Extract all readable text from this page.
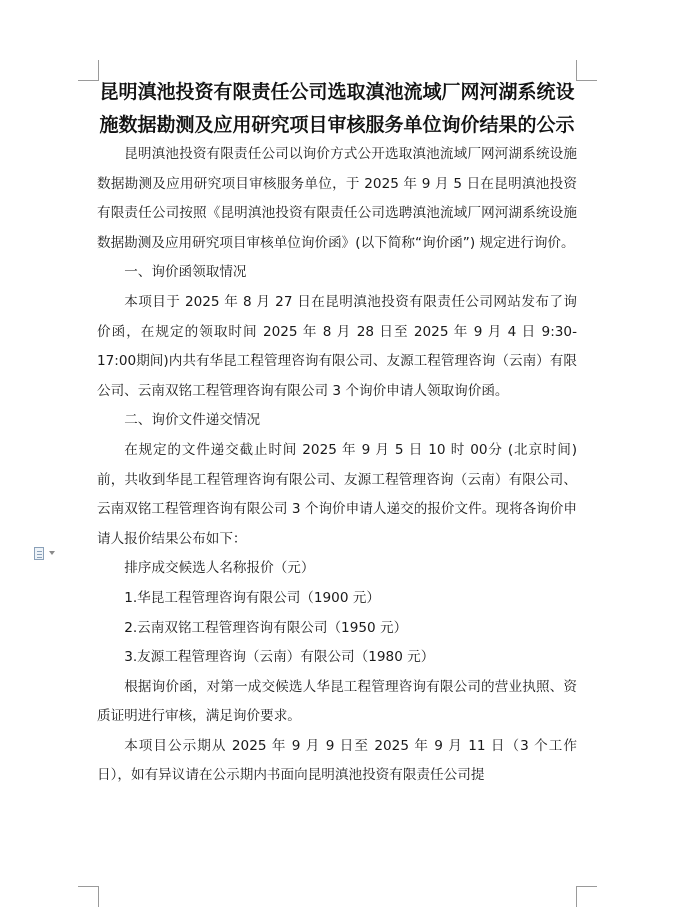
昆明滇池投资有限责任公司选取滇池流域厂网河湖系统设
施数据勘测及应用研究项目审核服务单位询价结果的公示

昆明滇池投资有限责任公司以询价方式公开选取滇池流域厂网河湖系统设施数据勘测及应用研究项目审核服务单位，于 2025 年 9 月 5 日在昆明滇池投资有限责任公司按照《昆明滇池投资有限责任公司选聘滇池流域厂网河湖系统设施数据勘测及应用研究项目审核单位询价函》(以下简称“询价函”) 规定进行询价。

一、询价函领取情况

本项目于 2025 年 8 月 27 日在昆明滇池投资有限责任公司网站发布了询价函，在规定的领取时间 2025 年 8 月 28 日至 2025 年 9 月 4 日 9:30-17:00期间)内共有华昆工程管理咨询有限公司、友源工程管理咨询（云南）有限公司、云南双铭工程管理咨询有限公司 3 个询价申请人领取询价函。

二、询价文件递交情况

在规定的文件递交截止时间 2025 年 9 月 5 日 10 时 00分 (北京时间) 前，共收到华昆工程管理咨询有限公司、友源工程管理咨询（云南）有限公司、云南双铭工程管理咨询有限公司 3 个询价申请人递交的报价文件。现将各询价申请人报价结果公布如下：

排序成交候选人名称报价（元）

1.华昆工程管理咨询有限公司（1900 元）

2.云南双铭工程管理咨询有限公司（1950 元）

3.友源工程管理咨询（云南）有限公司（1980 元）

根据询价函，对第一成交候选人华昆工程管理咨询有限公司的营业执照、资质证明进行审核，满足询价要求。

本项目公示期从 2025 年 9 月 9 日至 2025 年 9 月 11 日（3 个工作日），如有异议请在公示期内书面向昆明滇池投资有限责任公司提
